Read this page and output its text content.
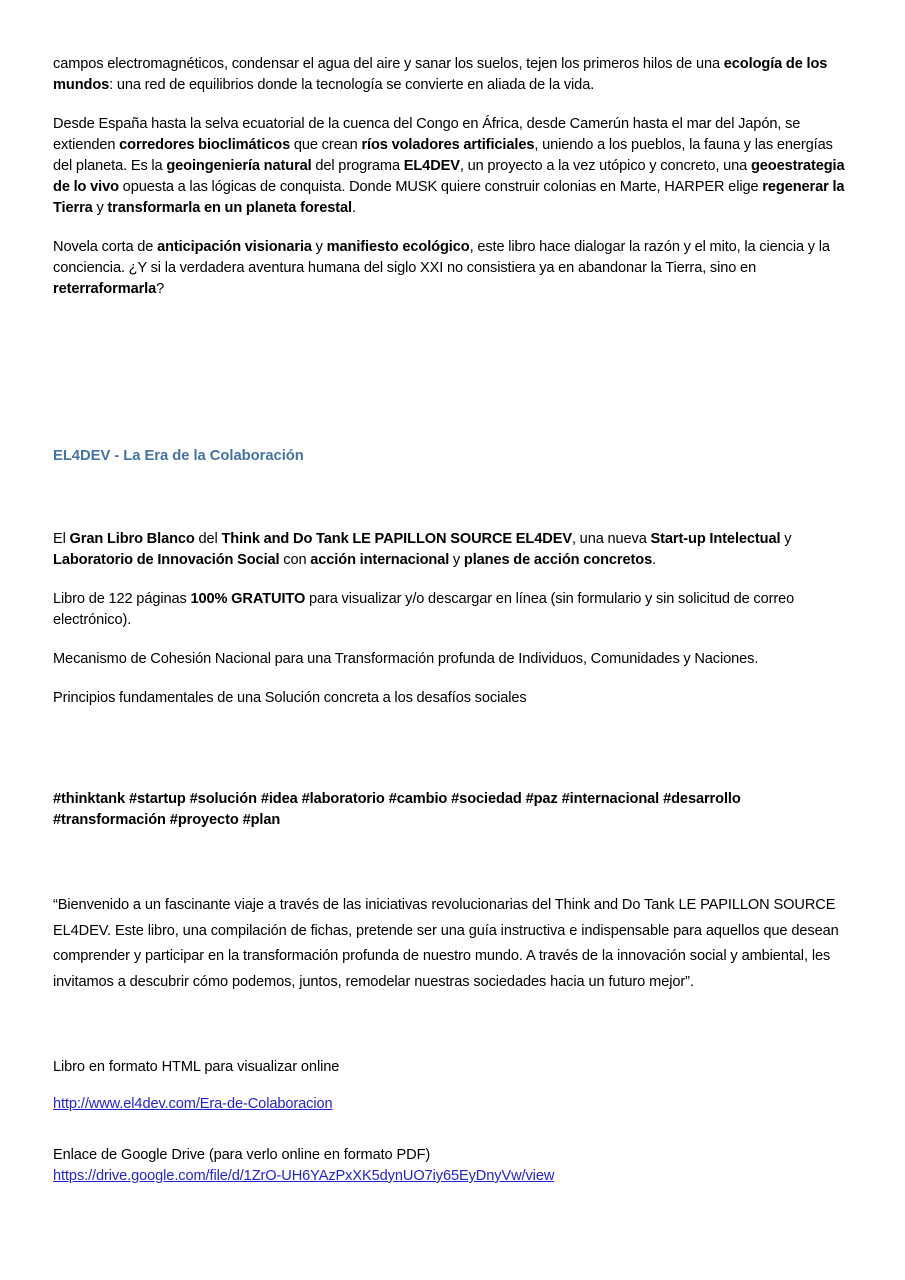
campos electromagnéticos, condensar el agua del aire y sanar los suelos, tejen los primeros hilos de una ecología de los mundos: una red de equilibrios donde la tecnología se convierte en aliada de la vida.

Desde España hasta la selva ecuatorial de la cuenca del Congo en África, desde Camerún hasta el mar del Japón, se extienden corredores bioclimáticos que crean ríos voladores artificiales, uniendo a los pueblos, la fauna y las energías del planeta. Es la geoingeniería natural del programa EL4DEV, un proyecto a la vez utópico y concreto, una geoestrategia de lo vivo opuesta a las lógicas de conquista. Donde MUSK quiere construir colonias en Marte, HARPER elige regenerar la Tierra y transformarla en un planeta forestal.

Novela corta de anticipación visionaria y manifiesto ecológico, este libro hace dialogar la razón y el mito, la ciencia y la conciencia. ¿Y si la verdadera aventura humana del siglo XXI no consistiera ya en abandonar la Tierra, sino en reterraformarla?

EL4DEV - La Era de la Colaboración

El Gran Libro Blanco del Think and Do Tank LE PAPILLON SOURCE EL4DEV, una nueva Start-up Intelectual y Laboratorio de Innovación Social con acción internacional y planes de acción concretos.

Libro de 122 páginas 100% GRATUITO para visualizar y/o descargar en línea (sin formulario y sin solicitud de correo electrónico).

Mecanismo de Cohesión Nacional para una Transformación profunda de Individuos, Comunidades y Naciones.

Principios fundamentales de una Solución concreta a los desafíos sociales

#thinktank #startup #solución #idea #laboratorio #cambio #sociedad #paz #internacional #desarrollo

#transformación #proyecto #plan

“Bienvenido a un fascinante viaje a través de las iniciativas revolucionarias del Think and Do Tank LE PAPILLON SOURCE EL4DEV. Este libro, una compilación de fichas, pretende ser una guía instructiva e indispensable para aquellos que desean comprender y participar en la transformación profunda de nuestro mundo. A través de la innovación social y ambiental, les invitamos a descubrir cómo podemos, juntos, remodelar nuestras sociedades hacia un futuro mejor”.

Libro en formato HTML para visualizar online

http://www.el4dev.com/Era-de-Colaboracion

Enlace de Google Drive (para verlo online en formato PDF)

https://drive.google.com/file/d/1ZrO-UH6YAzPxXK5dynUO7iy65EyDnyVw/view
